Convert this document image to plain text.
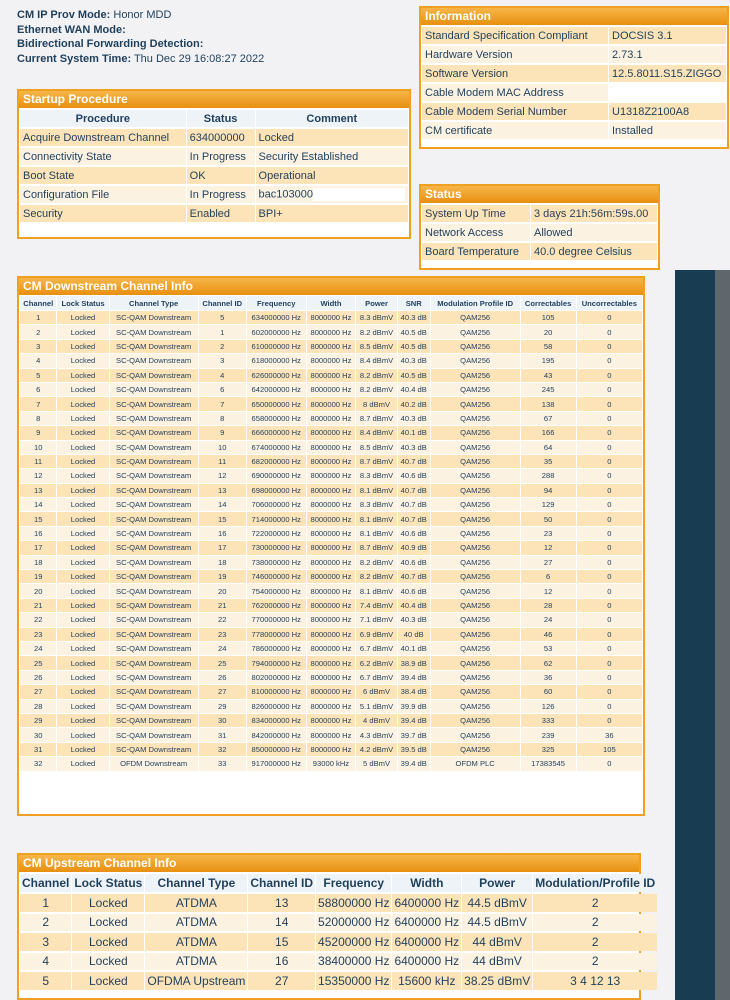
CM IP Prov Mode: Honor MDD
Ethernet WAN Mode:
Bidirectional Forwarding Detection:
Current System Time: Thu Dec 29 16:08:27 2022
Information
Standard Specification Compliant	DOCSIS 3.1
Hardware Version	2.73.1
Software Version	12.5.8011.S15.ZIGGO
Cable Modem MAC Address	
Cable Modem Serial Number	U1318Z2100A8
CM certificate	Installed
Startup Procedure
Procedure	Status	Comment
Acquire Downstream Channel	634000000	Locked
Connectivity State	In Progress	Security Established
Boot State	OK	Operational
Configuration File	In Progress	bac103000
Security	Enabled	BPI+
Status
System Up Time	3 days 21h:56m:59s.00
Network Access	Allowed
Board Temperature	40.0 degree Celsius
CM Downstream Channel Info
Channel	Lock Status	Channel Type	Channel ID	Frequency	Width	Power	SNR	Modulation Profile ID	Correctables	Uncorrectables
1	Locked	SC-QAM Downstream	5	634000000 Hz	8000000 Hz	8.3 dBmV	40.3 dB	QAM256	105	0
2	Locked	SC-QAM Downstream	1	602000000 Hz	8000000 Hz	8.2 dBmV	40.5 dB	QAM256	20	0
3	Locked	SC-QAM Downstream	2	610000000 Hz	8000000 Hz	8.5 dBmV	40.5 dB	QAM256	58	0
4	Locked	SC-QAM Downstream	3	618000000 Hz	8000000 Hz	8.4 dBmV	40.3 dB	QAM256	195	0
5	Locked	SC-QAM Downstream	4	626000000 Hz	8000000 Hz	8.2 dBmV	40.5 dB	QAM256	43	0
6	Locked	SC-QAM Downstream	6	642000000 Hz	8000000 Hz	8.2 dBmV	40.4 dB	QAM256	245	0
7	Locked	SC-QAM Downstream	7	650000000 Hz	8000000 Hz	8 dBmV	40.2 dB	QAM256	138	0
8	Locked	SC-QAM Downstream	8	658000000 Hz	8000000 Hz	8.7 dBmV	40.3 dB	QAM256	67	0
9	Locked	SC-QAM Downstream	9	666000000 Hz	8000000 Hz	8.4 dBmV	40.1 dB	QAM256	166	0
10	Locked	SC-QAM Downstream	10	674000000 Hz	8000000 Hz	8.5 dBmV	40.3 dB	QAM256	64	0
11	Locked	SC-QAM Downstream	11	682000000 Hz	8000000 Hz	8.7 dBmV	40.7 dB	QAM256	35	0
12	Locked	SC-QAM Downstream	12	690000000 Hz	8000000 Hz	8.3 dBmV	40.6 dB	QAM256	288	0
13	Locked	SC-QAM Downstream	13	698000000 Hz	8000000 Hz	8.1 dBmV	40.7 dB	QAM256	94	0
14	Locked	SC-QAM Downstream	14	706000000 Hz	8000000 Hz	8.3 dBmV	40.7 dB	QAM256	129	0
15	Locked	SC-QAM Downstream	15	714000000 Hz	8000000 Hz	8.1 dBmV	40.7 dB	QAM256	50	0
16	Locked	SC-QAM Downstream	16	722000000 Hz	8000000 Hz	8.1 dBmV	40.6 dB	QAM256	23	0
17	Locked	SC-QAM Downstream	17	730000000 Hz	8000000 Hz	8.7 dBmV	40.9 dB	QAM256	12	0
18	Locked	SC-QAM Downstream	18	738000000 Hz	8000000 Hz	8.2 dBmV	40.6 dB	QAM256	27	0
19	Locked	SC-QAM Downstream	19	746000000 Hz	8000000 Hz	8.2 dBmV	40.7 dB	QAM256	6	0
20	Locked	SC-QAM Downstream	20	754000000 Hz	8000000 Hz	8.1 dBmV	40.6 dB	QAM256	12	0
21	Locked	SC-QAM Downstream	21	762000000 Hz	8000000 Hz	7.4 dBmV	40.4 dB	QAM256	28	0
22	Locked	SC-QAM Downstream	22	770000000 Hz	8000000 Hz	7.1 dBmV	40.3 dB	QAM256	24	0
23	Locked	SC-QAM Downstream	23	778000000 Hz	8000000 Hz	6.9 dBmV	40 dB	QAM256	46	0
24	Locked	SC-QAM Downstream	24	786000000 Hz	8000000 Hz	6.7 dBmV	40.1 dB	QAM256	53	0
25	Locked	SC-QAM Downstream	25	794000000 Hz	8000000 Hz	6.2 dBmV	38.9 dB	QAM256	62	0
26	Locked	SC-QAM Downstream	26	802000000 Hz	8000000 Hz	6.7 dBmV	39.4 dB	QAM256	36	0
27	Locked	SC-QAM Downstream	27	810000000 Hz	8000000 Hz	6 dBmV	38.4 dB	QAM256	60	0
28	Locked	SC-QAM Downstream	29	826000000 Hz	8000000 Hz	5.1 dBmV	39.9 dB	QAM256	126	0
29	Locked	SC-QAM Downstream	30	834000000 Hz	8000000 Hz	4 dBmV	39.4 dB	QAM256	333	0
30	Locked	SC-QAM Downstream	31	842000000 Hz	8000000 Hz	4.3 dBmV	39.7 dB	QAM256	239	36
31	Locked	SC-QAM Downstream	32	850000000 Hz	8000000 Hz	4.2 dBmV	39.5 dB	QAM256	325	105
32	Locked	OFDM Downstream	33	917000000 Hz	93000 kHz	5 dBmV	39.4 dB	OFDM PLC	17383545	0
CM Upstream Channel Info
Channel	Lock Status	Channel Type	Channel ID	Frequency	Width	Power	Modulation/Profile ID
1	Locked	ATDMA	13	58800000 Hz	6400000 Hz	44.5 dBmV	2
2	Locked	ATDMA	14	52000000 Hz	6400000 Hz	44.5 dBmV	2
3	Locked	ATDMA	15	45200000 Hz	6400000 Hz	44 dBmV	2
4	Locked	ATDMA	16	38400000 Hz	6400000 Hz	44 dBmV	2
5	Locked	OFDMA Upstream	27	15350000 Hz	15600 kHz	38.25 dBmV	3 4 12 13
